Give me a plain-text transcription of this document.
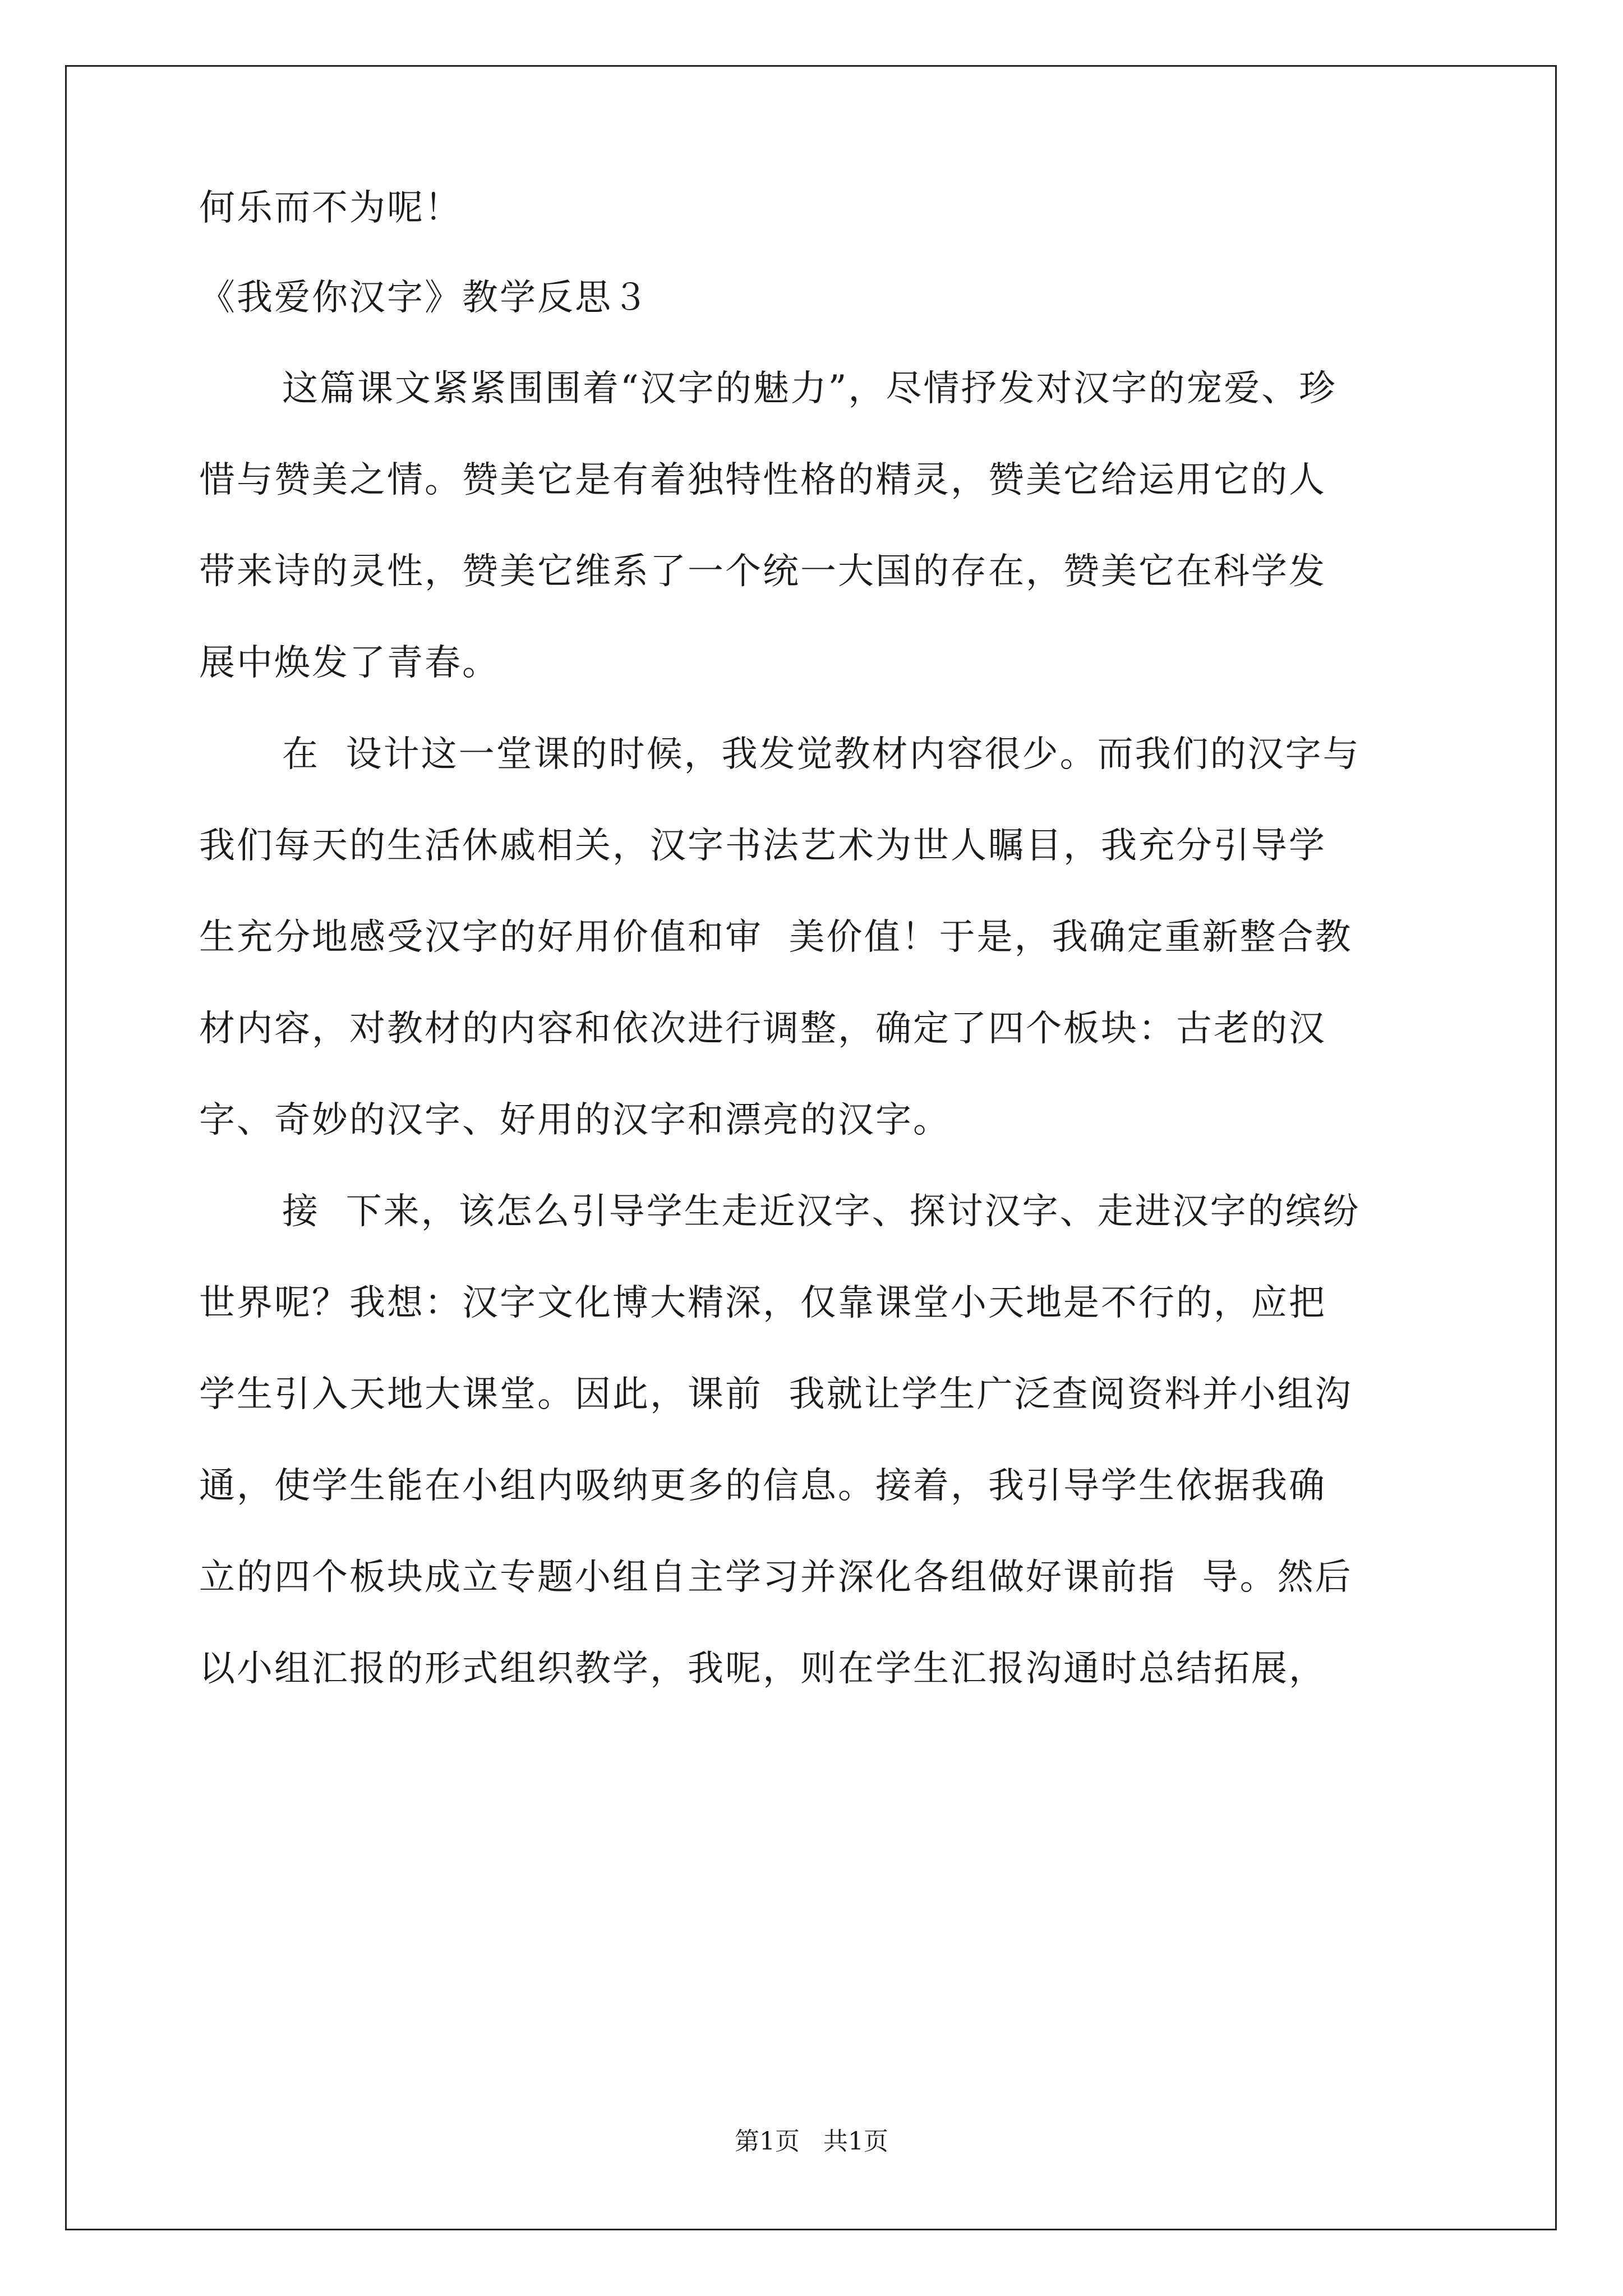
何乐而不为呢！
《我爱你汉字》教学反思３
这篇课文紧紧围围着“汉字的魅力”，尽情抒发对汉字的宠爱、珍
惜与赞美之情。赞美它是有着独特性格的精灵，赞美它给运用它的人
带来诗的灵性，赞美它维系了一个统一大国的存在，赞美它在科学发
展中焕发了青春。
在  设计这一堂课的时候，我发觉教材内容很少。而我们的汉字与
我们每天的生活休戚相关，汉字书法艺术为世人瞩目，我充分引导学
生充分地感受汉字的好用价值和审  美价值！于是，我确定重新整合教
材内容，对教材的内容和依次进行调整，确定了四个板块：古老的汉
字、奇妙的汉字、好用的汉字和漂亮的汉字。
接  下来，该怎么引导学生走近汉字、探讨汉字、走进汉字的缤纷
世界呢？我想：汉字文化博大精深，仅靠课堂小天地是不行的，应把
学生引入天地大课堂。因此，课前  我就让学生广泛查阅资料并小组沟
通，使学生能在小组内吸纳更多的信息。接着，我引导学生依据我确
立的四个板块成立专题小组自主学习并深化各组做好课前指  导。然后
以小组汇报的形式组织教学，我呢，则在学生汇报沟通时总结拓展，
第1页   共1页
